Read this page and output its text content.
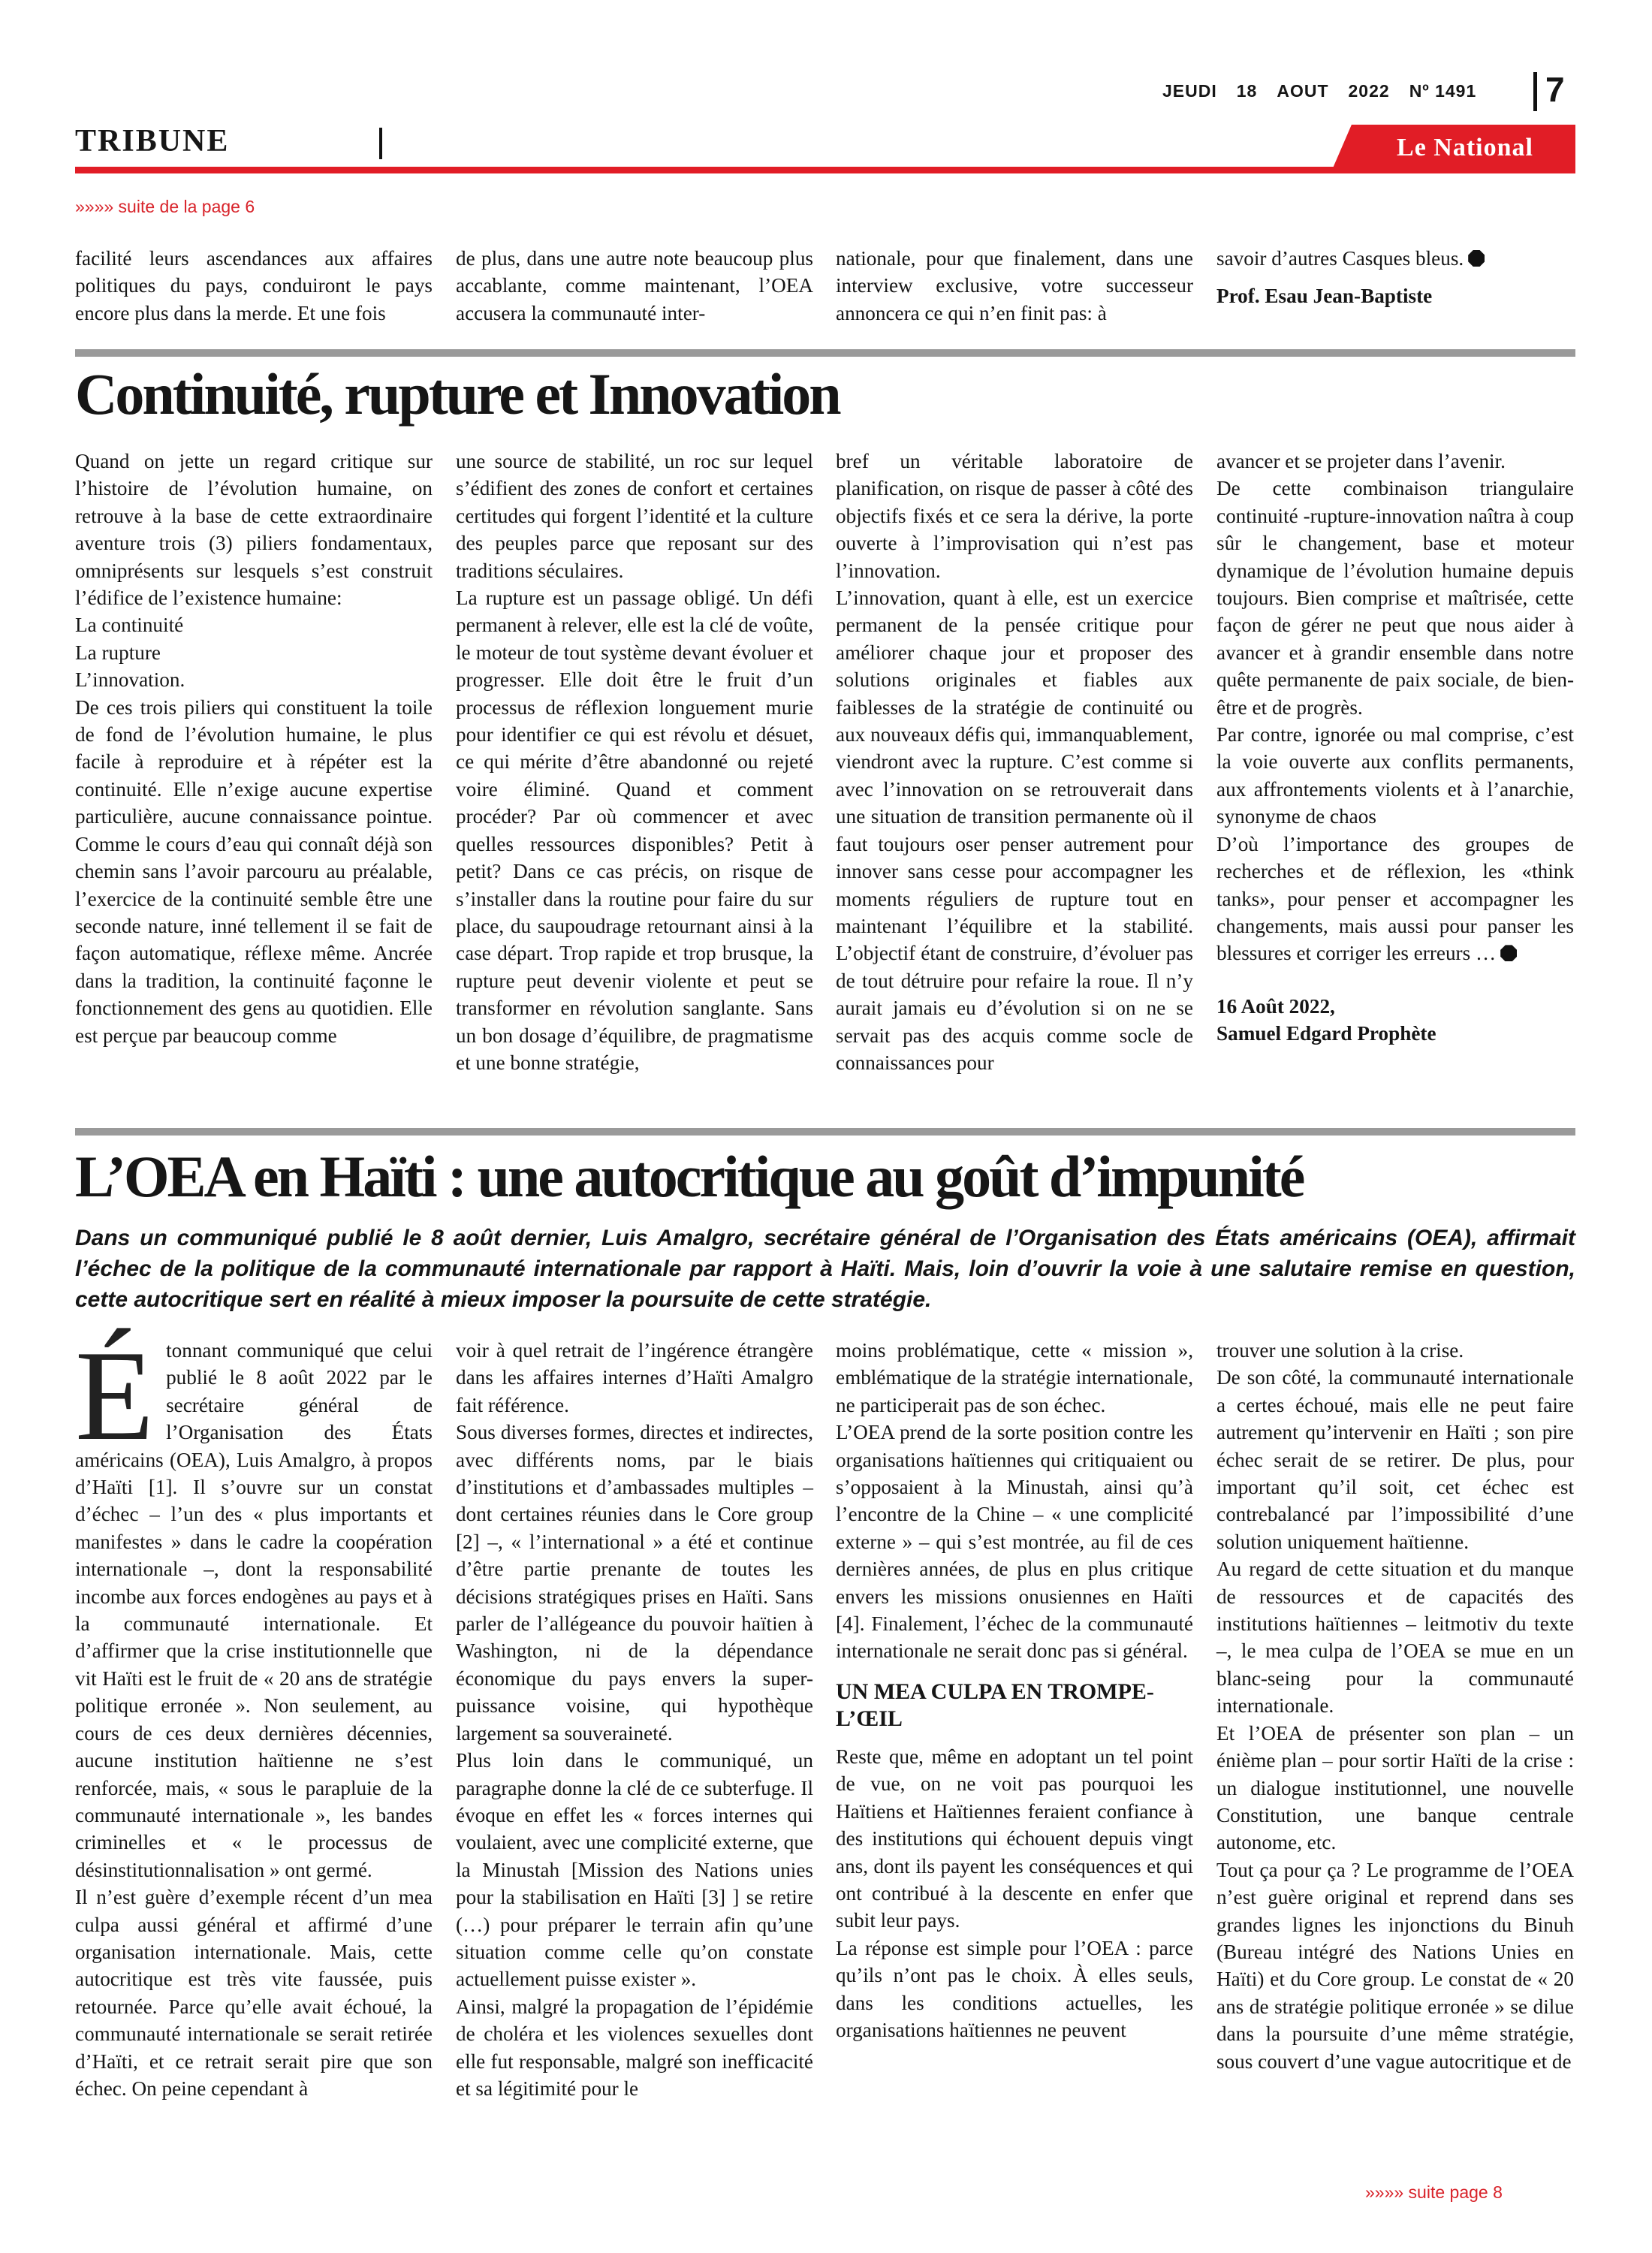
JEUDI 18 AOUT 2022 Nº 1491 7
TRIBUNE	Le National
»»»» suite de la page 6

facilité leurs ascendances aux affaires politiques du pays, conduiront le pays encore plus dans la merde. Et une fois

de plus, dans une autre note beaucoup plus accablante, comme maintenant, l’OEA accusera la communauté inter-

nationale, pour que finalement, dans une interview exclusive, votre successeur annoncera ce qui n’en finit pas: à

savoir d’autres Casques bleus.

Prof. Esau Jean-Baptiste

Continuité, rupture et Innovation

Quand on jette un regard critique sur l’histoire de l’évolution humaine, on retrouve à la base de cette extraordinaire aventure trois (3) piliers fondamentaux, omniprésents sur lesquels s’est construit l’édifice de l’existence humaine:

La continuité

La rupture

L’innovation.

De ces trois piliers qui constituent la toile de fond de l’évolution humaine, le plus facile à reproduire et à répéter est la continuité. Elle n’exige aucune expertise particulière, aucune connaissance pointue. Comme le cours d’eau qui connaît déjà son chemin sans l’avoir parcouru au préalable, l’exercice de la continuité semble être une seconde nature, inné tellement il se fait de façon automatique, réflexe même. Ancrée dans la tradition, la continuité façonne le fonctionnement des gens au quotidien. Elle est perçue par beaucoup comme

une source de stabilité, un roc sur lequel s’édifient des zones de confort et certaines certitudes qui forgent l’identité et la culture des peuples parce que reposant sur des traditions séculaires.

La rupture est un passage obligé. Un défi permanent à relever, elle est la clé de voûte, le moteur de tout système devant évoluer et progresser. Elle doit être le fruit d’un processus de réflexion longuement murie pour identifier ce qui est révolu et désuet, ce qui mérite d’être abandonné ou rejeté voire éliminé. Quand et comment procéder? Par où commencer et avec quelles ressources disponibles? Petit à petit? Dans ce cas précis, on risque de s’installer dans la routine pour faire du sur place, du saupoudrage retournant ainsi à la case départ. Trop rapide et trop brusque, la rupture peut devenir violente et peut se transformer en révolution sanglante. Sans un bon dosage d’équilibre, de pragmatisme et une bonne stratégie,

bref un véritable laboratoire de planification, on risque de passer à côté des objectifs fixés et ce sera la dérive, la porte ouverte à l’improvisation qui n’est pas l’innovation.

L’innovation, quant à elle, est un exercice permanent de la pensée critique pour améliorer chaque jour et proposer des solutions originales et fiables aux faiblesses de la stratégie de continuité ou aux nouveaux défis qui, immanquablement, viendront avec la rupture. C’est comme si avec l’innovation on se retrouverait dans une situation de transition permanente où il faut toujours oser penser autrement pour innover sans cesse pour accompagner les moments réguliers de rupture tout en maintenant l’équilibre et la stabilité. L’objectif étant de construire, d’évoluer pas de tout détruire pour refaire la roue. Il n’y aurait jamais eu d’évolution si on ne se servait pas des acquis comme socle de connaissances pour

avancer et se projeter dans l’avenir.

De cette combinaison triangulaire continuité -rupture-innovation naîtra à coup sûr le changement, base et moteur dynamique de l’évolution humaine depuis toujours. Bien comprise et maîtrisée, cette façon de gérer ne peut que nous aider à avancer et à grandir ensemble dans notre quête permanente de paix sociale, de bien-être et de progrès.

Par contre, ignorée ou mal comprise, c’est la voie ouverte aux conflits permanents, aux affrontements violents et à l’anarchie, synonyme de chaos

D’où l’importance des groupes de recherches et de réflexion, les «think tanks», pour penser et accompagner les changements, mais aussi pour panser les blessures et corriger les erreurs …

16 Août 2022,

Samuel Edgard Prophète

L’OEA en Haïti : une autocritique au goût d’impunité
Dans un communiqué publié le 8 août dernier, Luis Amalgro, secrétaire général de l’Organisation des États américains (OEA), affirmait l’échec de la politique de la communauté internationale par rapport à Haïti. Mais, loin d’ouvrir la voie à une salutaire remise en question, cette autocritique sert en réalité à mieux imposer la poursuite de cette stratégie.

Étonnant communiqué que celui publié le 8 août 2022 par le secrétaire général de l’Organisation des États américains (OEA), Luis Amalgro, à propos d’Haïti [1]. Il s’ouvre sur un constat d’échec – l’un des « plus importants et manifestes » dans le cadre la coopération internationale –, dont la responsabilité incombe aux forces endogènes au pays et à la communauté internationale. Et d’affirmer que la crise institutionnelle que vit Haïti est le fruit de « 20 ans de stratégie politique erronée ». Non seulement, au cours de ces deux dernières décennies, aucune institution haïtienne ne s’est renforcée, mais, « sous le parapluie de la communauté internationale », les bandes criminelles et « le processus de désinstitutionnalisation » ont germé.

Il n’est guère d’exemple récent d’un mea culpa aussi général et affirmé d’une organisation internationale. Mais, cette autocritique est très vite faussée, puis retournée. Parce qu’elle avait échoué, la communauté internationale se serait retirée d’Haïti, et ce retrait serait pire que son échec. On peine cependant à

voir à quel retrait de l’ingérence étrangère dans les affaires internes d’Haïti Amalgro fait référence.

Sous diverses formes, directes et indirectes, avec différents noms, par le biais d’institutions et d’ambassades multiples – dont certaines réunies dans le Core group [2] –, « l’international » a été et continue d’être partie prenante de toutes les décisions stratégiques prises en Haïti. Sans parler de l’allégeance du pouvoir haïtien à Washington, ni de la dépendance économique du pays envers la super-puissance voisine, qui hypothèque largement sa souveraineté.

Plus loin dans le communiqué, un paragraphe donne la clé de ce subterfuge. Il évoque en effet les « forces internes qui voulaient, avec une complicité externe, que la Minustah [Mission des Nations unies pour la stabilisation en Haïti [3] ] se retire (…) pour préparer le terrain afin qu’une situation comme celle qu’on constate actuellement puisse exister ».

Ainsi, malgré la propagation de l’épidémie de choléra et les violences sexuelles dont elle fut responsable, malgré son inefficacité et sa légitimité pour le

moins problématique, cette « mission », emblématique de la stratégie internationale, ne participerait pas de son échec.

L’OEA prend de la sorte position contre les organisations haïtiennes qui critiquaient ou s’opposaient à la Minustah, ainsi qu’à l’encontre de la Chine – « une complicité externe » – qui s’est montrée, au fil de ces dernières années, de plus en plus critique envers les missions onusiennes en Haïti [4]. Finalement, l’échec de la communauté internationale ne serait donc pas si général.

UN MEA CULPA EN TROMPE-L’ŒIL

Reste que, même en adoptant un tel point de vue, on ne voit pas pourquoi les Haïtiens et Haïtiennes feraient confiance à des institutions qui échouent depuis vingt ans, dont ils payent les conséquences et qui ont contribué à la descente en enfer que subit leur pays.

La réponse est simple pour l’OEA : parce qu’ils n’ont pas le choix. À elles seuls, dans les conditions actuelles, les organisations haïtiennes ne peuvent

trouver une solution à la crise.

De son côté, la communauté internationale a certes échoué, mais elle ne peut faire autrement qu’intervenir en Haïti ; son pire échec serait de se retirer. De plus, pour important qu’il soit, cet échec est contrebalancé par l’impossibilité d’une solution uniquement haïtienne.

Au regard de cette situation et du manque de ressources et de capacités des institutions haïtiennes – leitmotiv du texte –, le mea culpa de l’OEA se mue en un blanc-seing pour la communauté internationale.

Et l’OEA de présenter son plan – un énième plan – pour sortir Haïti de la crise : un dialogue institutionnel, une nouvelle Constitution, une banque centrale autonome, etc.

Tout ça pour ça ? Le programme de l’OEA n’est guère original et reprend dans ses grandes lignes les injonctions du Binuh (Bureau intégré des Nations Unies en Haïti) et du Core group. Le constat de « 20 ans de stratégie politique erronée » se dilue dans la poursuite d’une même stratégie, sous couvert d’une vague autocritique et de

»»»» suite page 8
